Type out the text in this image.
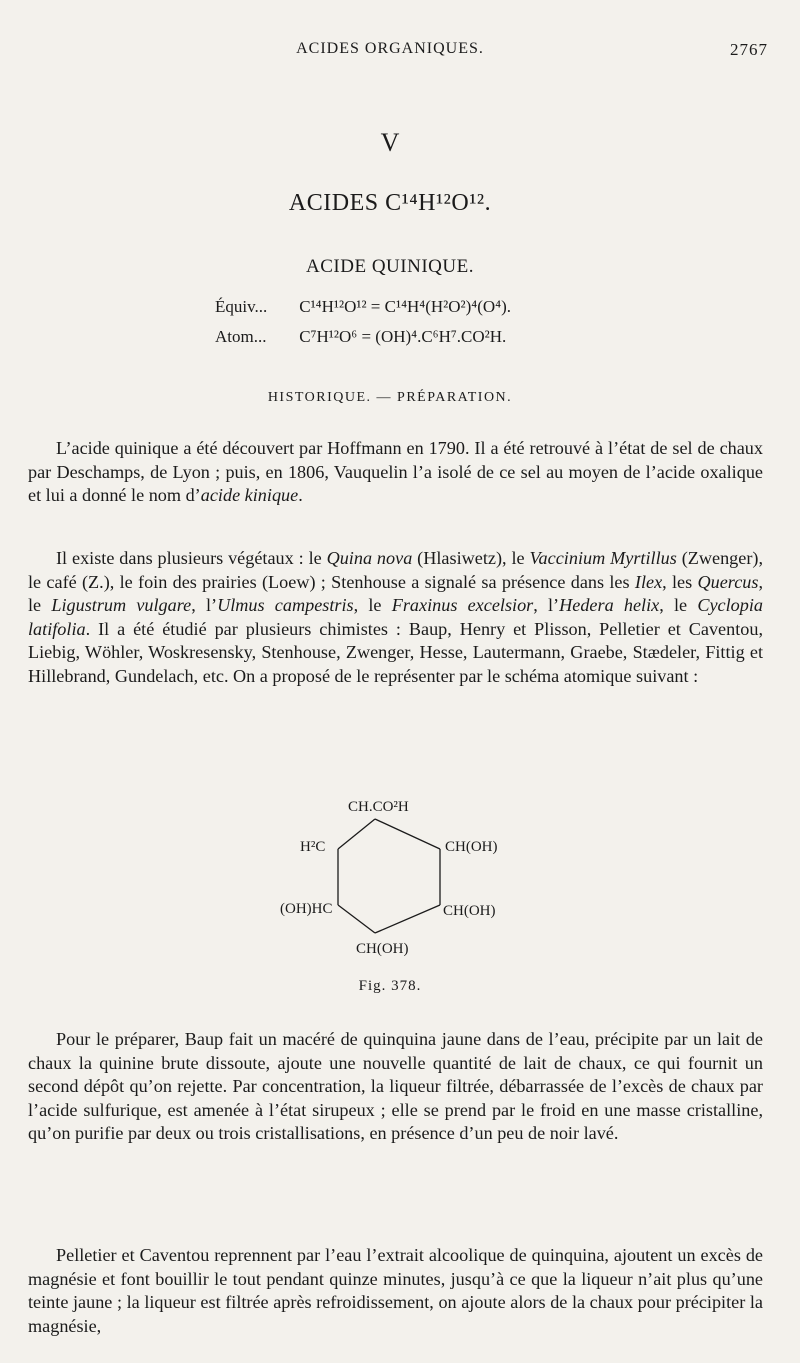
ACIDES ORGANIQUES.	2767
V
ACIDES C¹⁴H¹²O¹².
ACIDE QUINIQUE.
Équiv... C¹⁴H¹²O¹² = C¹⁴H⁴(H²O²)⁴(O⁴).
Atom... C⁷H¹²O⁶ = (OH)⁴.C⁶H⁷.CO²H.
HISTORIQUE. — PRÉPARATION.

L’acide quinique a été découvert par Hoffmann en 1790. Il a été retrouvé à l’état de sel de chaux par Deschamps, de Lyon ; puis, en 1806, Vauquelin l’a isolé de ce sel au moyen de l’acide oxalique et lui a donné le nom d’acide kinique.

Il existe dans plusieurs végétaux : le Quina nova (Hlasiwetz), le Vaccinium Myrtillus (Zwenger), le café (Z.), le foin des prairies (Loew) ; Stenhouse a signalé sa présence dans les Ilex, les Quercus, le Ligustrum vulgare, l’Ulmus campestris, le Fraxinus excelsior, l’Hedera helix, le Cyclopia latifolia. Il a été étudié par plusieurs chimistes : Baup, Henry et Plisson, Pelletier et Caventou, Liebig, Wöhler, Woskresensky, Stenhouse, Zwenger, Hesse, Lautermann, Graebe, Stædeler, Fittig et Hillebrand, Gundelach, etc. On a proposé de le représenter par le schéma atomique suivant :

CH.CO²H
H²C	CH(OH)
(OH)HC	CH(OH)
CH(OH)
Fig. 378.

Pour le préparer, Baup fait un macéré de quinquina jaune dans de l’eau, précipite par un lait de chaux la quinine brute dissoute, ajoute une nouvelle quantité de lait de chaux, ce qui fournit un second dépôt qu’on rejette. Par concentration, la liqueur filtrée, débarrassée de l’excès de chaux par l’acide sulfurique, est amenée à l’état sirupeux ; elle se prend par le froid en une masse cristalline, qu’on purifie par deux ou trois cristallisations, en présence d’un peu de noir lavé.

Pelletier et Caventou reprennent par l’eau l’extrait alcoolique de quinquina, ajoutent un excès de magnésie et font bouillir le tout pendant quinze minutes, jusqu’à ce que la liqueur n’ait plus qu’une teinte jaune ; la liqueur est filtrée après refroidissement, on ajoute alors de la chaux pour précipiter la magnésie,
